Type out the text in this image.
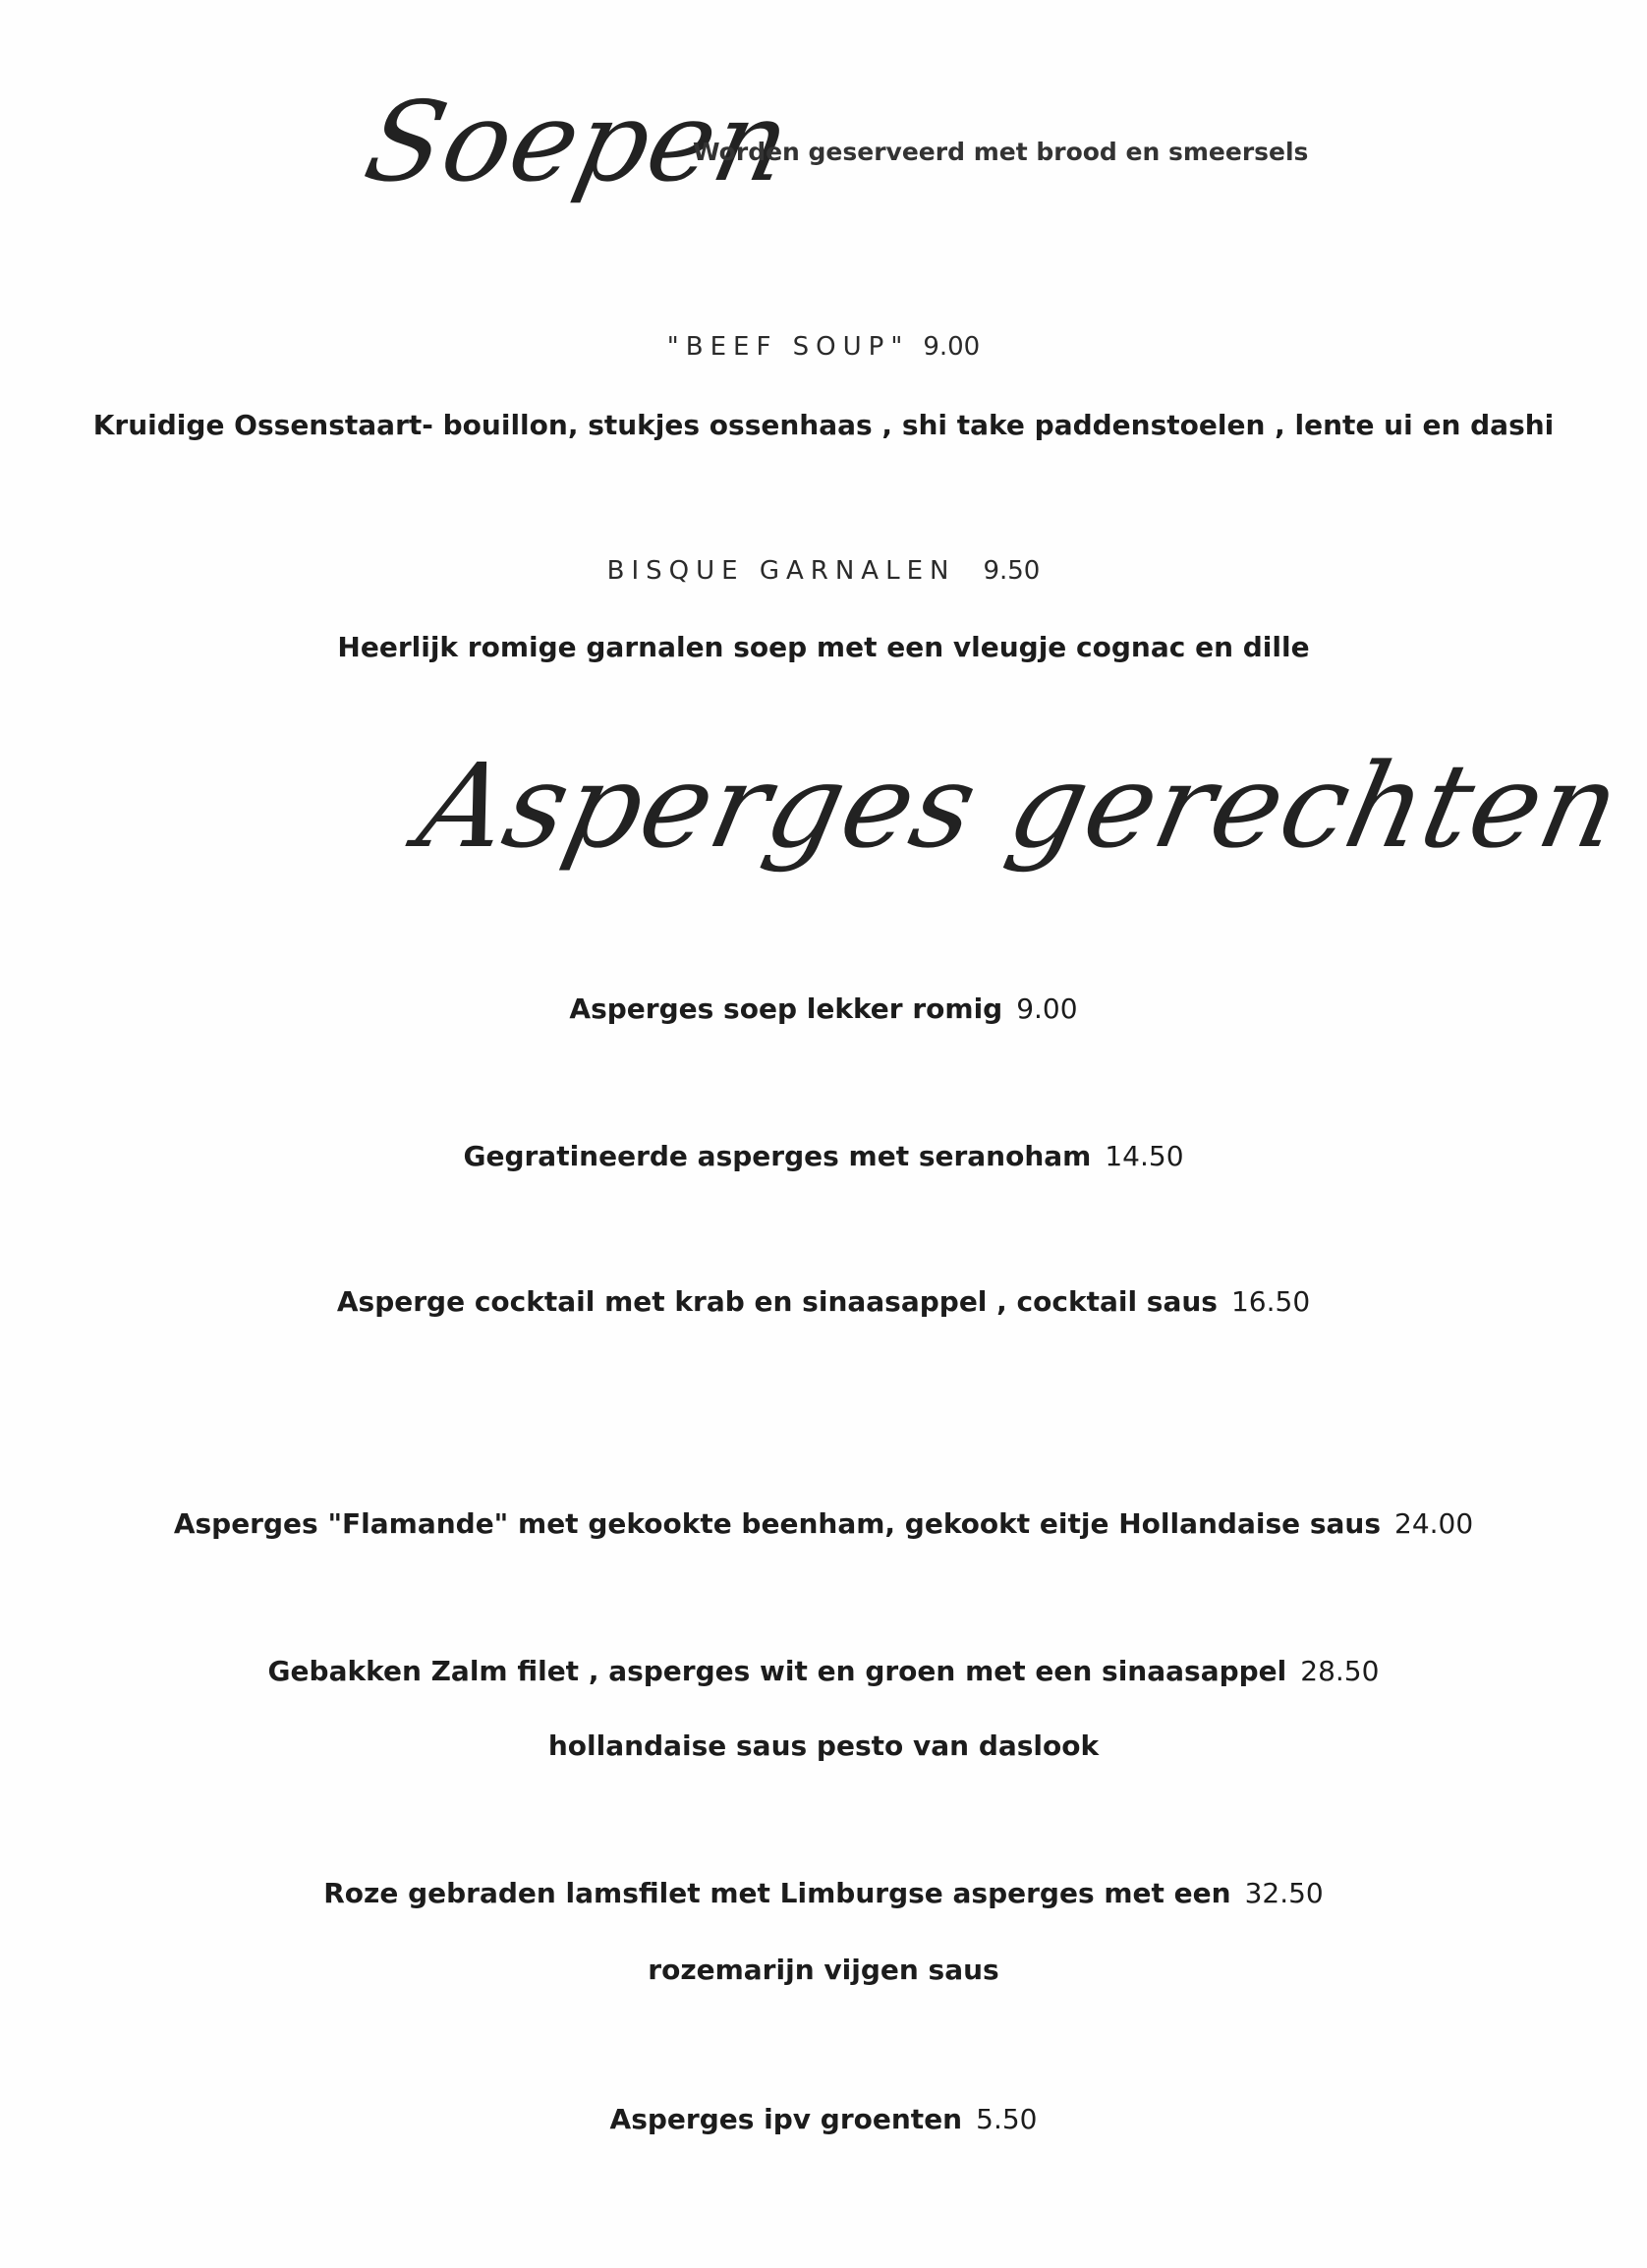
Soepen
Worden geserveerd met brood en smeersels
"BEEF SOUP" 9.00
Kruidige Ossenstaart- bouillon, stukjes ossenhaas , shi take paddenstoelen , lente ui en dashi
BISQUE GARNALEN 9.50
Heerlijk romige garnalen soep met een vleugje cognac en dille
Asperges gerechten
Asperges soep lekker romig 9.00
Gegratineerde asperges met seranoham 14.50
Asperge cocktail met krab en sinaasappel , cocktail saus 16.50
Asperges "Flamande" met gekookte beenham, gekookt eitje Hollandaise saus 24.00
Gebakken Zalm filet , asperges wit en groen met een sinaasappel 28.50
hollandaise saus pesto van daslook
Roze gebraden lamsfilet met Limburgse asperges met een 32.50
rozemarijn vijgen saus
Asperges ipv groenten 5.50
